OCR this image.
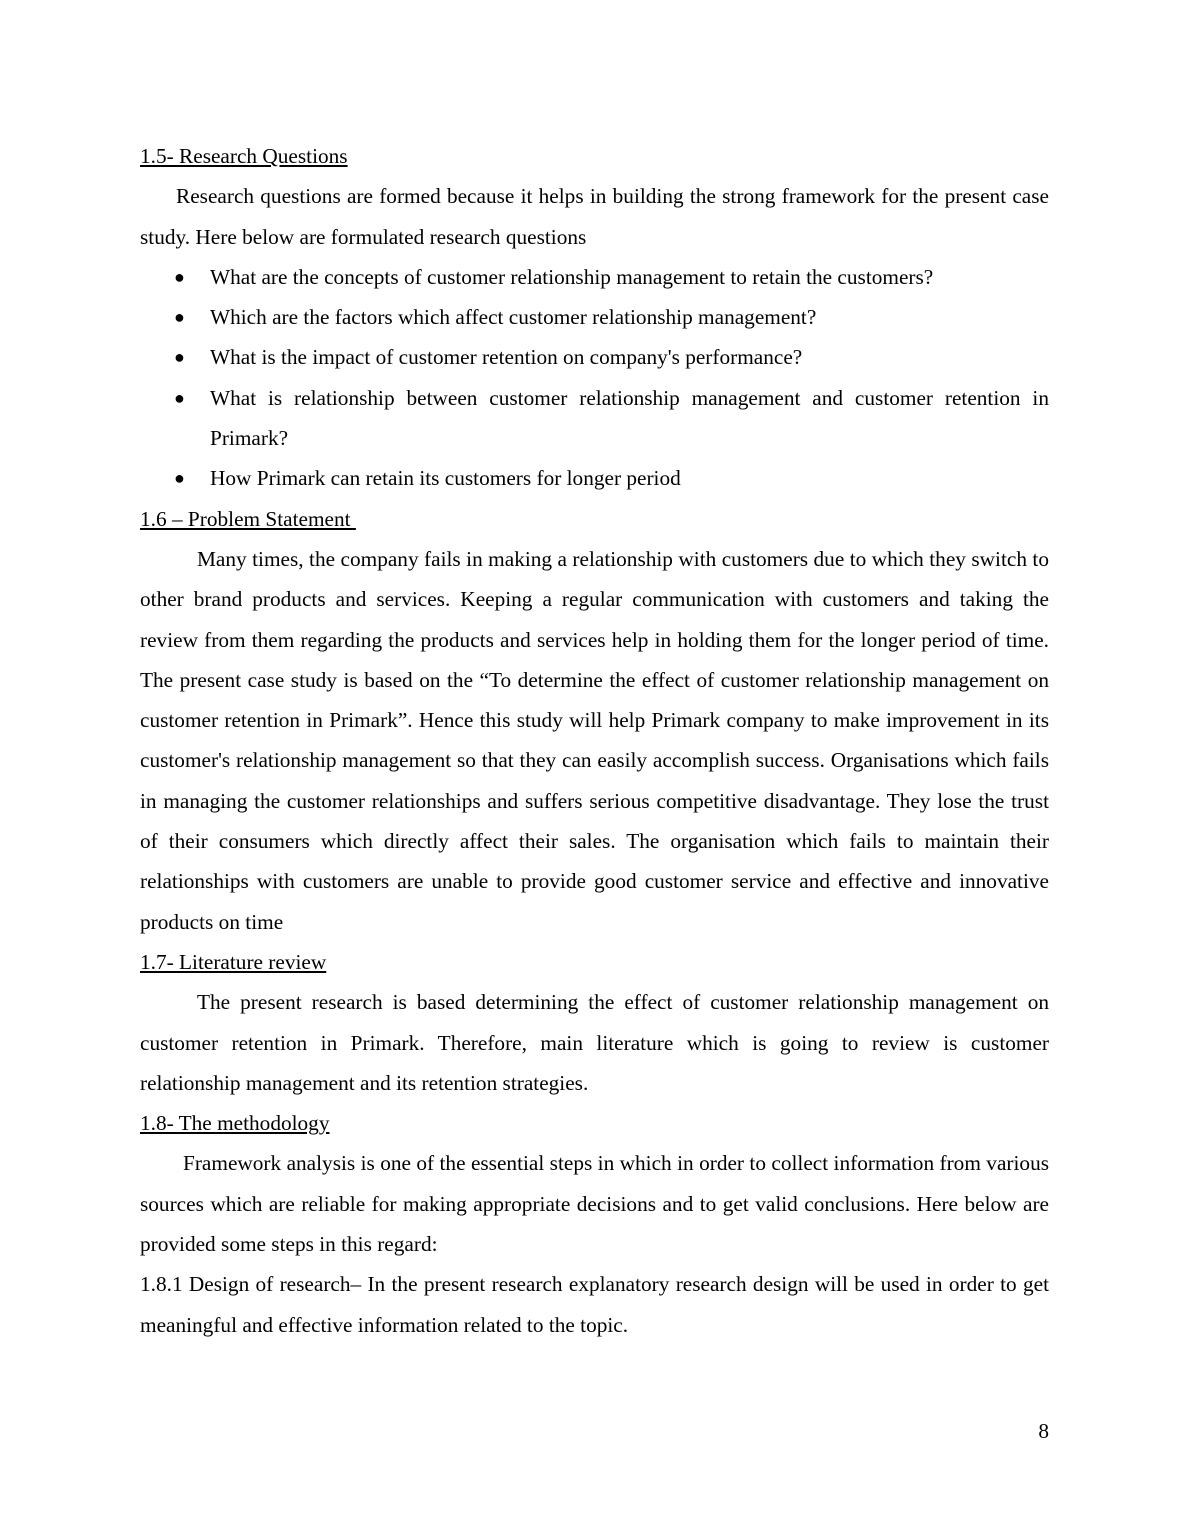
1.5- Research Questions

Research questions are formed because it helps in building the strong framework for the present case study. Here below are formulated research questions

● What are the concepts of customer relationship management to retain the customers?
● Which are the factors which affect customer relationship management?
● What is the impact of customer retention on company's performance?
● What is relationship between customer relationship management and customer retention in Primark?
● How Primark can retain its customers for longer period
1.6 – Problem Statement

Many times, the company fails in making a relationship with customers due to which they switch to other brand products and services. Keeping a regular communication with customers and taking the review from them regarding the products and services help in holding them for the longer period of time. The present case study is based on the “To determine the effect of customer relationship management on customer retention in Primark”. Hence this study will help Primark company to make improvement in its customer's relationship management so that they can easily accomplish success. Organisations which fails in managing the customer relationships and suffers serious competitive disadvantage. They lose the trust of their consumers which directly affect their sales. The organisation which fails to maintain their relationships with customers are unable to provide good customer service and effective and innovative products on time

1.7- Literature review

The present research is based determining the effect of customer relationship management on customer retention in Primark. Therefore, main literature which is going to review is customer relationship management and its retention strategies.

1.8- The methodology

Framework analysis is one of the essential steps in which in order to collect information from various sources which are reliable for making appropriate decisions and to get valid conclusions. Here below are provided some steps in this regard:

1.8.1 Design of research– In the present research explanatory research design will be used in order to get meaningful and effective information related to the topic.

8
